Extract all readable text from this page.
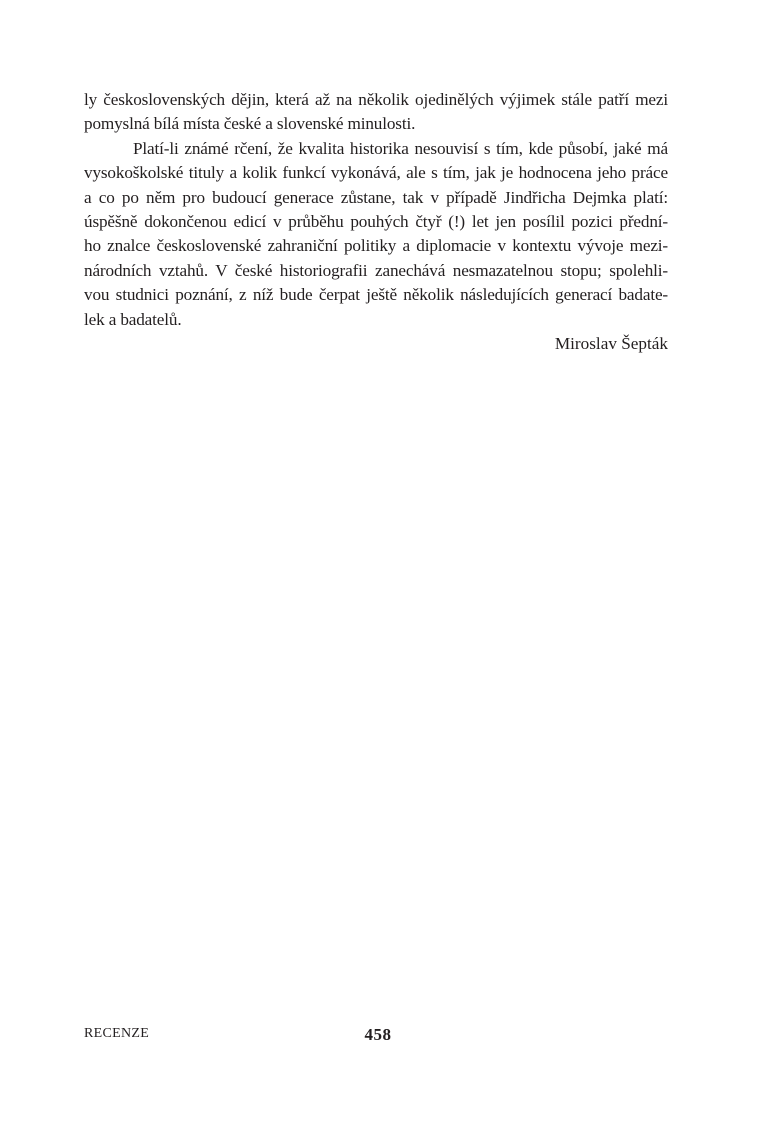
ly československých dějin, která až na několik ojedinělých výjimek stále patří mezi
pomyslná bílá místa české a slovenské minulosti.
Platí-li známé rčení, že kvalita historika nesouvisí s tím, kde působí, jaké má
vysokoškolské tituly a kolik funkcí vykonává, ale s tím, jak je hodnocena jeho práce
a co po něm pro budoucí generace zůstane, tak v případě Jindřicha Dejmka platí:
úspěšně dokončenou edicí v průběhu pouhých čtyř (!) let jen posílil pozici přední-
ho znalce československé zahraniční politiky a diplomacie v kontextu vývoje mezi-
národních vztahů. V české historiografii zanechává nesmazatelnou stopu; spolehli-
vou studnici poznání, z níž bude čerpat ještě několik následujících generací badate-
lek a badatelů.
Miroslav Šepták
RECENZE	458
